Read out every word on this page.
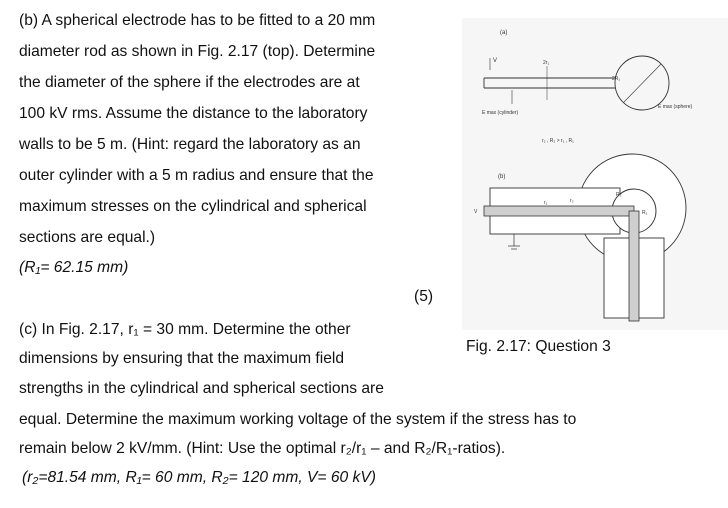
(b) A spherical electrode has to be fitted to a 20 mm
diameter rod as shown in Fig. 2.17 (top). Determine
the diameter of the sphere if the electrodes are at
100 kV rms. Assume the distance to the laboratory
walls to be 5 m. (Hint: regard the laboratory as an
outer cylinder with a 5 m radius and ensure that the
maximum stresses on the cylindrical and spherical
sections are equal.)
(R₁= 62.15 mm)
(5)
(c) In Fig. 2.17, r₁ = 30 mm. Determine the other
dimensions by ensuring that the maximum field
strengths in the cylindrical and spherical sections are
equal. Determine the maximum working voltage of the system if the stress has to
remain below 2 kV/mm. (Hint: Use the optimal r₂/r₁ – and R₂/R₁-ratios).
(r₂=81.54 mm, R₁= 60 mm, R₂= 120 mm, V= 60 kV)
Fig. 2.17: Question 3
(a)
V	2r₁
2R₁
E max (cylinder)
E max (sphere)
r₂ , R₂ > r₁ , R₁
(b)
V
R₂
R₁
r₁	r₂
